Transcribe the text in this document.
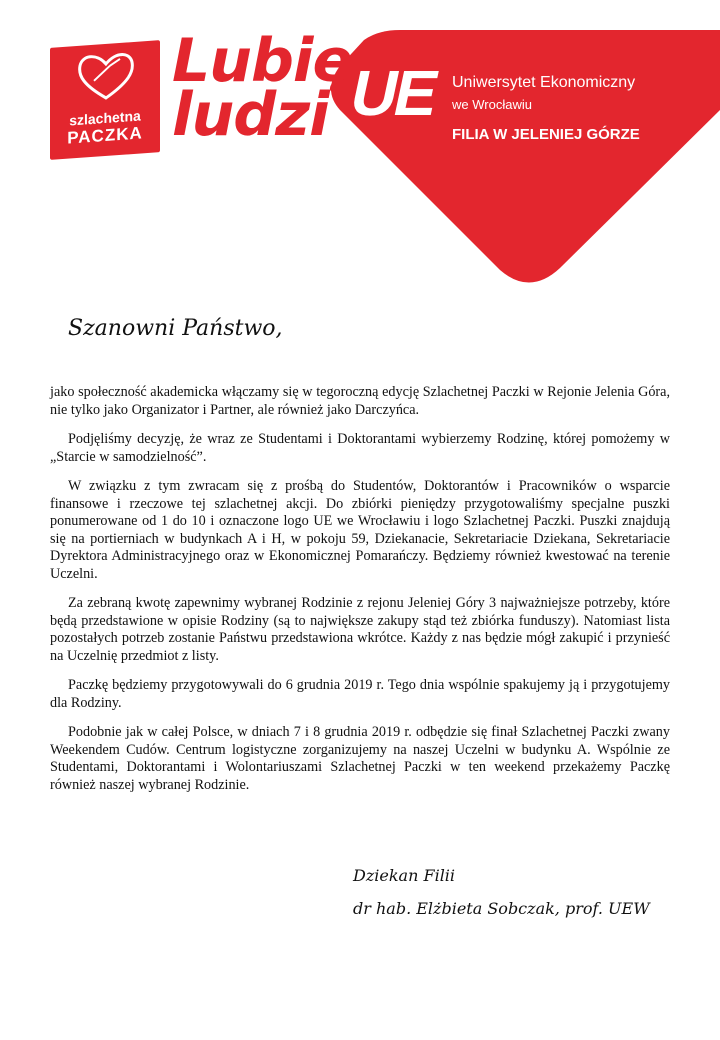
szlachetna
PACZKA
Lubię
ludzi UE Uniwersytet Ekonomiczny
we Wrocławiu
FILIA W JELENIEJ GÓRZE
Szanowni Państwo,

jako społeczność akademicka włączamy się w tegoroczną edycję Szlachetnej Paczki w Rejonie Jelenia Góra, nie tylko jako Organizator i Partner, ale również jako Darczyńca.

Podjęliśmy decyzję, że wraz ze Studentami i Doktorantami wybierzemy Rodzinę, której pomożemy w „Starcie w samodzielność”.

W związku z tym zwracam się z prośbą do Studentów, Doktorantów i Pracowników o wsparcie finansowe i rzeczowe tej szlachetnej akcji. Do zbiórki pieniędzy przygotowaliśmy specjalne puszki ponumerowane od 1 do 10 i oznaczone logo UE we Wrocławiu i logo Szlachetnej Paczki. Puszki znajdują się na portierniach w budynkach A i H, w pokoju 59, Dziekanacie, Sekretariacie Dziekana, Sekretariacie Dyrektora Administracyjnego oraz w Ekonomicznej Pomarańczy. Będziemy również kwestować na terenie Uczelni.

Za zebraną kwotę zapewnimy wybranej Rodzinie z rejonu Jeleniej Góry 3 najważniejsze potrzeby, które będą przedstawione w opisie Rodziny (są to największe zakupy stąd też zbiórka funduszy). Natomiast lista pozostałych potrzeb zostanie Państwu przedstawiona wkrótce. Każdy z nas będzie mógł zakupić i przynieść na Uczelnię przedmiot z listy.

Paczkę będziemy przygotowywali do 6 grudnia 2019 r. Tego dnia wspólnie spakujemy ją i przygotujemy dla Rodziny.

Podobnie jak w całej Polsce, w dniach 7 i 8 grudnia 2019 r. odbędzie się finał Szlachetnej Paczki zwany Weekendem Cudów. Centrum logistyczne zorganizujemy na naszej Uczelni w budynku A. Wspólnie ze Studentami, Doktorantami i Wolontariuszami Szlachetnej Paczki w ten weekend przekażemy Paczkę również naszej wybranej Rodzinie.

Dziekan Filii
dr hab. Elżbieta Sobczak, prof. UEW
